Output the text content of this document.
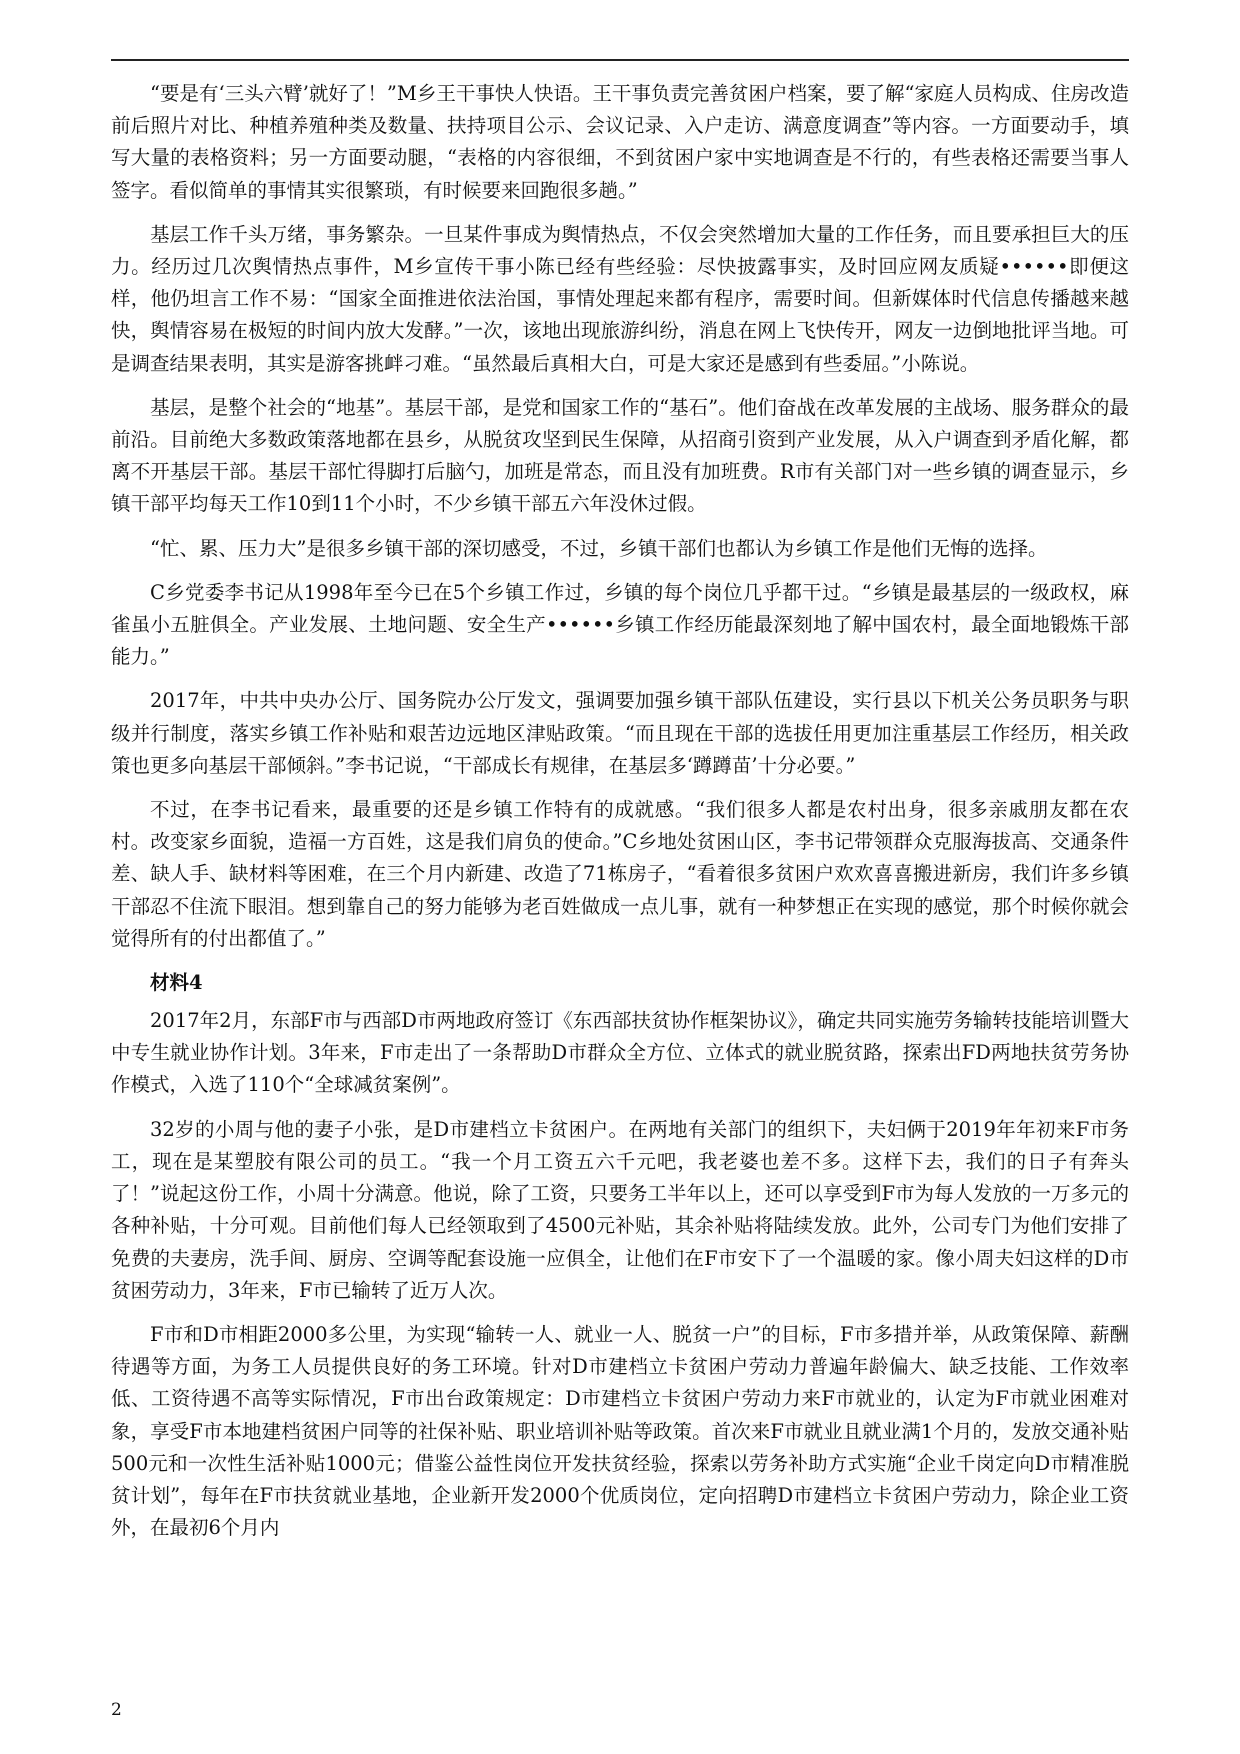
“要是有‘三头六臂’就好了！”M乡王干事快人快语。王干事负责完善贫困户档案，要了解“家庭人员构成、住房改造前后照片对比、种植养殖种类及数量、扶持项目公示、会议记录、入户走访、满意度调查”等内容。一方面要动手，填写大量的表格资料；另一方面要动腿，“表格的内容很细，不到贫困户家中实地调查是不行的，有些表格还需要当事人签字。看似简单的事情其实很繁琐，有时候要来回跑很多趟。”

基层工作千头万绪，事务繁杂。一旦某件事成为舆情热点，不仅会突然增加大量的工作任务，而且要承担巨大的压力。经历过几次舆情热点事件，M乡宣传干事小陈已经有些经验：尽快披露事实，及时回应网友质疑••••••即便这样，他仍坦言工作不易：“国家全面推进依法治国，事情处理起来都有程序，需要时间。但新媒体时代信息传播越来越快，舆情容易在极短的时间内放大发酵。”一次，该地出现旅游纠纷，消息在网上飞快传开，网友一边倒地批评当地。可是调查结果表明，其实是游客挑衅刁难。“虽然最后真相大白，可是大家还是感到有些委屈。”小陈说。

基层，是整个社会的“地基”。基层干部，是党和国家工作的“基石”。他们奋战在改革发展的主战场、服务群众的最前沿。目前绝大多数政策落地都在县乡，从脱贫攻坚到民生保障，从招商引资到产业发展，从入户调查到矛盾化解，都离不开基层干部。基层干部忙得脚打后脑勺，加班是常态，而且没有加班费。R市有关部门对一些乡镇的调查显示，乡镇干部平均每天工作10到11个小时，不少乡镇干部五六年没休过假。

“忙、累、压力大”是很多乡镇干部的深切感受，不过，乡镇干部们也都认为乡镇工作是他们无悔的选择。

C乡党委李书记从1998年至今已在5个乡镇工作过，乡镇的每个岗位几乎都干过。“乡镇是最基层的一级政权，麻雀虽小五脏俱全。产业发展、土地问题、安全生产••••••乡镇工作经历能最深刻地了解中国农村，最全面地锻炼干部能力。”

2017年，中共中央办公厅、国务院办公厅发文，强调要加强乡镇干部队伍建设，实行县以下机关公务员职务与职级并行制度，落实乡镇工作补贴和艰苦边远地区津贴政策。“而且现在干部的选拔任用更加注重基层工作经历，相关政策也更多向基层干部倾斜。”李书记说，“干部成长有规律，在基层多‘蹲蹲苗’十分必要。”

不过，在李书记看来，最重要的还是乡镇工作特有的成就感。“我们很多人都是农村出身，很多亲戚朋友都在农村。改变家乡面貌，造福一方百姓，这是我们肩负的使命。”C乡地处贫困山区，李书记带领群众克服海拔高、交通条件差、缺人手、缺材料等困难，在三个月内新建、改造了71栋房子，“看着很多贫困户欢欢喜喜搬进新房，我们许多乡镇干部忍不住流下眼泪。想到靠自己的努力能够为老百姓做成一点儿事，就有一种梦想正在实现的感觉，那个时候你就会觉得所有的付出都值了。”

材料4

2017年2月，东部F市与西部D市两地政府签订《东西部扶贫协作框架协议》，确定共同实施劳务输转技能培训暨大中专生就业协作计划。3年来，F市走出了一条帮助D市群众全方位、立体式的就业脱贫路，探索出FD两地扶贫劳务协作模式，入选了110个“全球减贫案例”。

32岁的小周与他的妻子小张，是D市建档立卡贫困户。在两地有关部门的组织下，夫妇俩于2019年年初来F市务工，现在是某塑胶有限公司的员工。“我一个月工资五六千元吧，我老婆也差不多。这样下去，我们的日子有奔头了！”说起这份工作，小周十分满意。他说，除了工资，只要务工半年以上，还可以享受到F市为每人发放的一万多元的各种补贴，十分可观。目前他们每人已经领取到了4500元补贴，其余补贴将陆续发放。此外，公司专门为他们安排了免费的夫妻房，洗手间、厨房、空调等配套设施一应俱全，让他们在F市安下了一个温暖的家。像小周夫妇这样的D市贫困劳动力，3年来，F市已输转了近万人次。

F市和D市相距2000多公里，为实现“输转一人、就业一人、脱贫一户”的目标，F市多措并举，从政策保障、薪酬待遇等方面，为务工人员提供良好的务工环境。针对D市建档立卡贫困户劳动力普遍年龄偏大、缺乏技能、工作效率低、工资待遇不高等实际情况，F市出台政策规定：D市建档立卡贫困户劳动力来F市就业的，认定为F市就业困难对象，享受F市本地建档贫困户同等的社保补贴、职业培训补贴等政策。首次来F市就业且就业满1个月的，发放交通补贴500元和一次性生活补贴1000元；借鉴公益性岗位开发扶贫经验，探索以劳务补助方式实施“企业千岗定向D市精准脱贫计划”，每年在F市扶贫就业基地，企业新开发2000个优质岗位，定向招聘D市建档立卡贫困户劳动力，除企业工资外，在最初6个月内

2
